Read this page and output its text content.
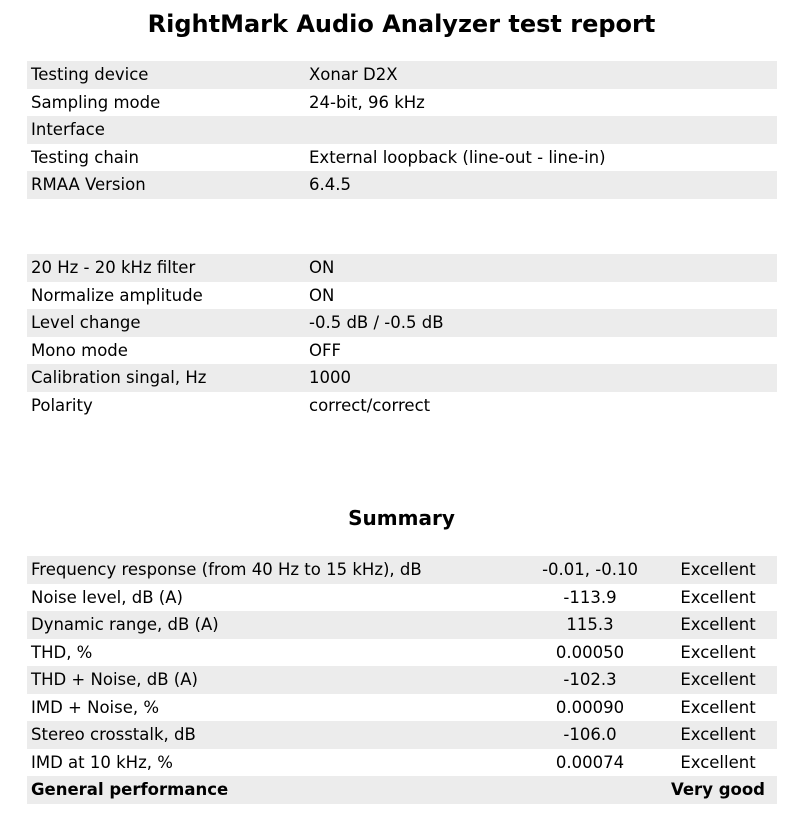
RightMark Audio Analyzer test report
Testing device	Xonar D2X
Sampling mode	24-bit, 96 kHz
Interface	
Testing chain	External loopback (line-out - line-in)
RMAA Version	6.4.5
20 Hz - 20 kHz filter	ON
Normalize amplitude	ON
Level change	-0.5 dB / -0.5 dB
Mono mode	OFF
Calibration singal, Hz	1000
Polarity	correct/correct
Summary
Frequency response (from 40 Hz to 15 kHz), dB	-0.01, -0.10	Excellent
Noise level, dB (A)	-113.9	Excellent
Dynamic range, dB (A)	115.3	Excellent
THD, %	0.00050	Excellent
THD + Noise, dB (A)	-102.3	Excellent
IMD + Noise, %	0.00090	Excellent
Stereo crosstalk, dB	-106.0	Excellent
IMD at 10 kHz, %	0.00074	Excellent
General performance		Very good
